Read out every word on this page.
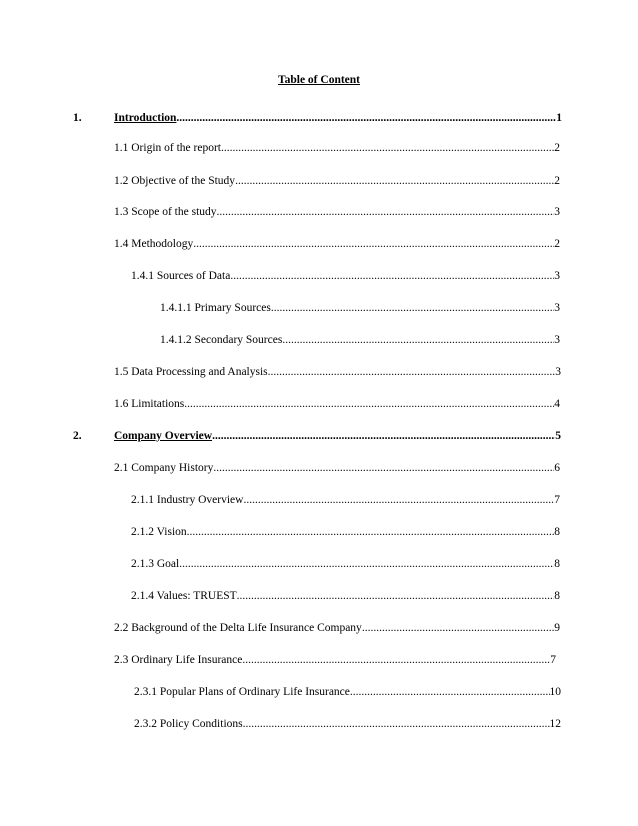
Table of Content
1.	Introduction .....	1
1.1 Origin of the report .....	2
1.2 Objective of the Study .....	2
1.3 Scope of the study .....	3
1.4 Methodology .....	2
1.4.1 Sources of Data .....	3
1.4.1.1 Primary Sources .....	3
1.4.1.2 Secondary Sources .....	3
1.5 Data Processing and Analysis .....	3
1.6 Limitations .....	4
2.	Company Overview .....	5
2.1 Company History .....	6
2.1.1 Industry Overview .....	7
2.1.2 Vision .....	8
2.1.3 Goal .....	8
2.1.4 Values: TRUEST .....	8
2.2 Background of the Delta Life Insurance Company .....	9
2.3 Ordinary Life Insurance .....	7
2.3.1 Popular Plans of Ordinary Life Insurance .....	10
2.3.2 Policy Conditions .....	12
